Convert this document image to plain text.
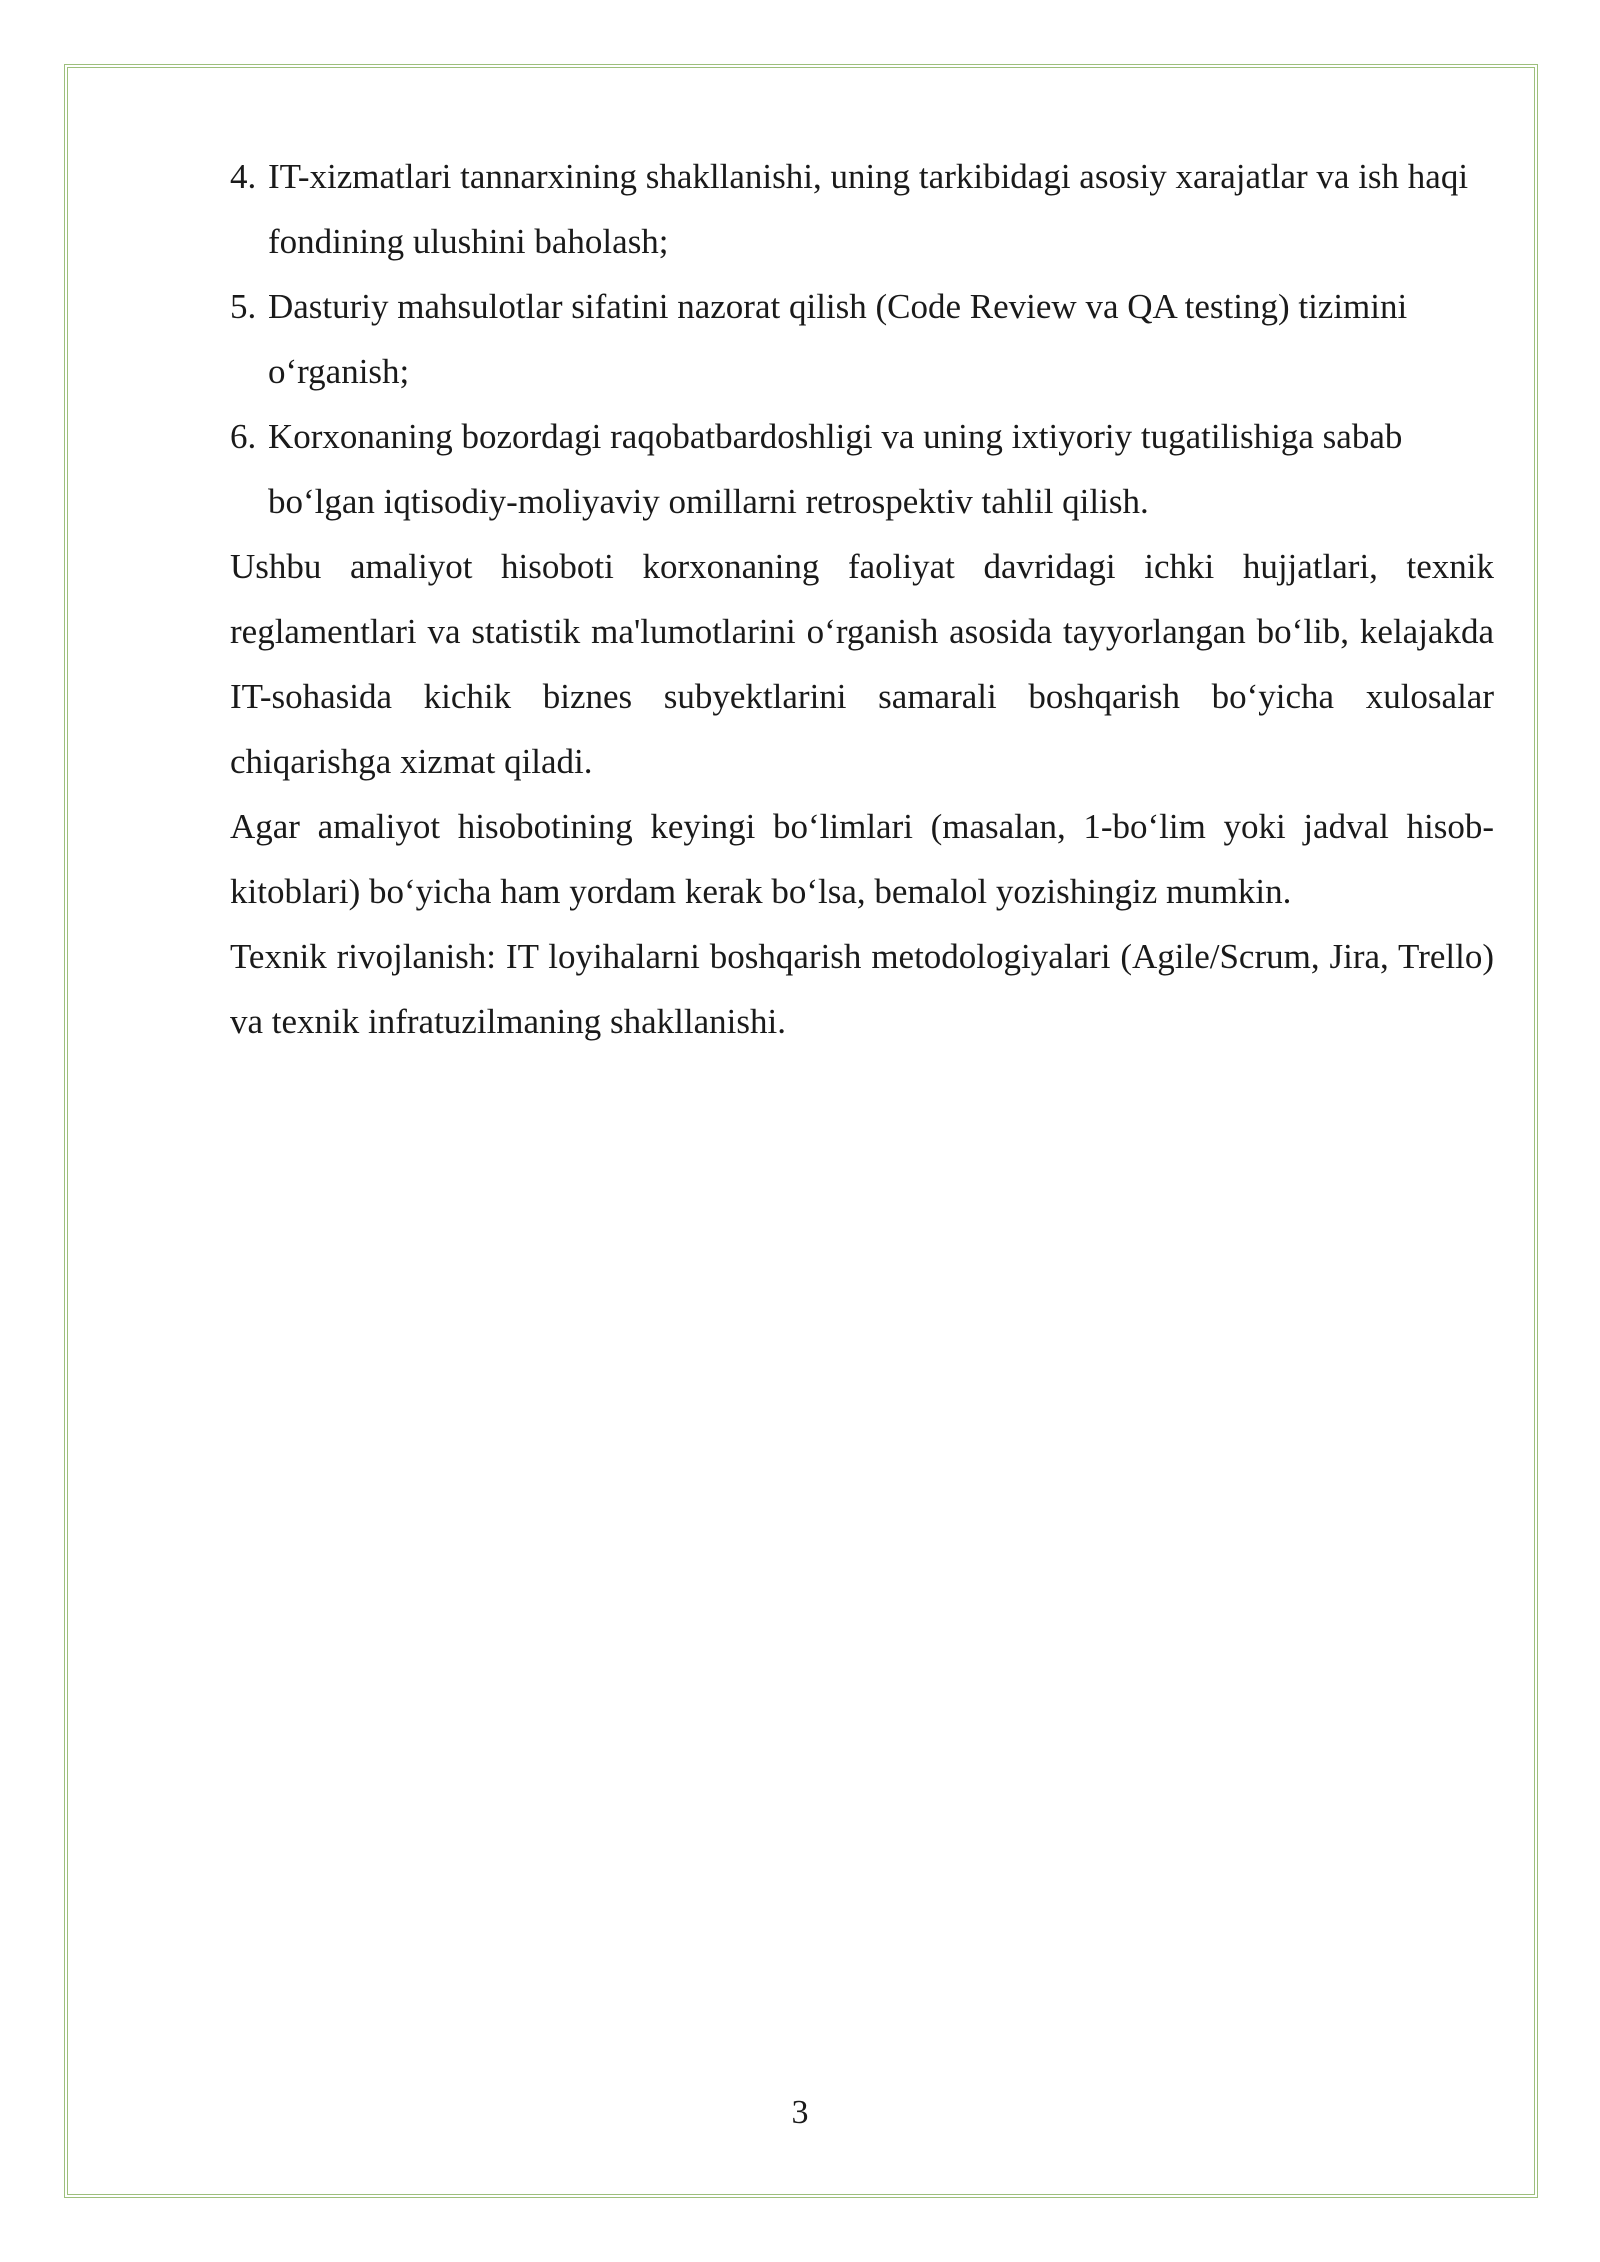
4. IT-xizmatlari tannarxining shakllanishi, uning tarkibidagi asosiy xarajatlar va ish haqi fondining ulushini baholash;
5. Dasturiy mahsulotlar sifatini nazorat qilish (Code Review va QA testing) tizimini o‘rganish;
6. Korxonaning bozordagi raqobatbardoshligi va uning ixtiyoriy tugatilishiga sabab bo‘lgan iqtisodiy-moliyaviy omillarni retrospektiv tahlil qilish.

Ushbu amaliyot hisoboti korxonaning faoliyat davridagi ichki hujjatlari, texnik reglamentlari va statistik ma'lumotlarini o‘rganish asosida tayyorlangan bo‘lib, kelajakda IT-sohasida kichik biznes subyektlarini samarali boshqarish bo‘yicha xulosalar chiqarishga xizmat qiladi.

Agar amaliyot hisobotining keyingi bo‘limlari (masalan, 1-bo‘lim yoki jadval hisob-kitoblari) bo‘yicha ham yordam kerak bo‘lsa, bemalol yozishingiz mumkin.

Texnik rivojlanish: IT loyihalarni boshqarish metodologiyalari (Agile/Scrum, Jira, Trello) va texnik infratuzilmaning shakllanishi.

3
